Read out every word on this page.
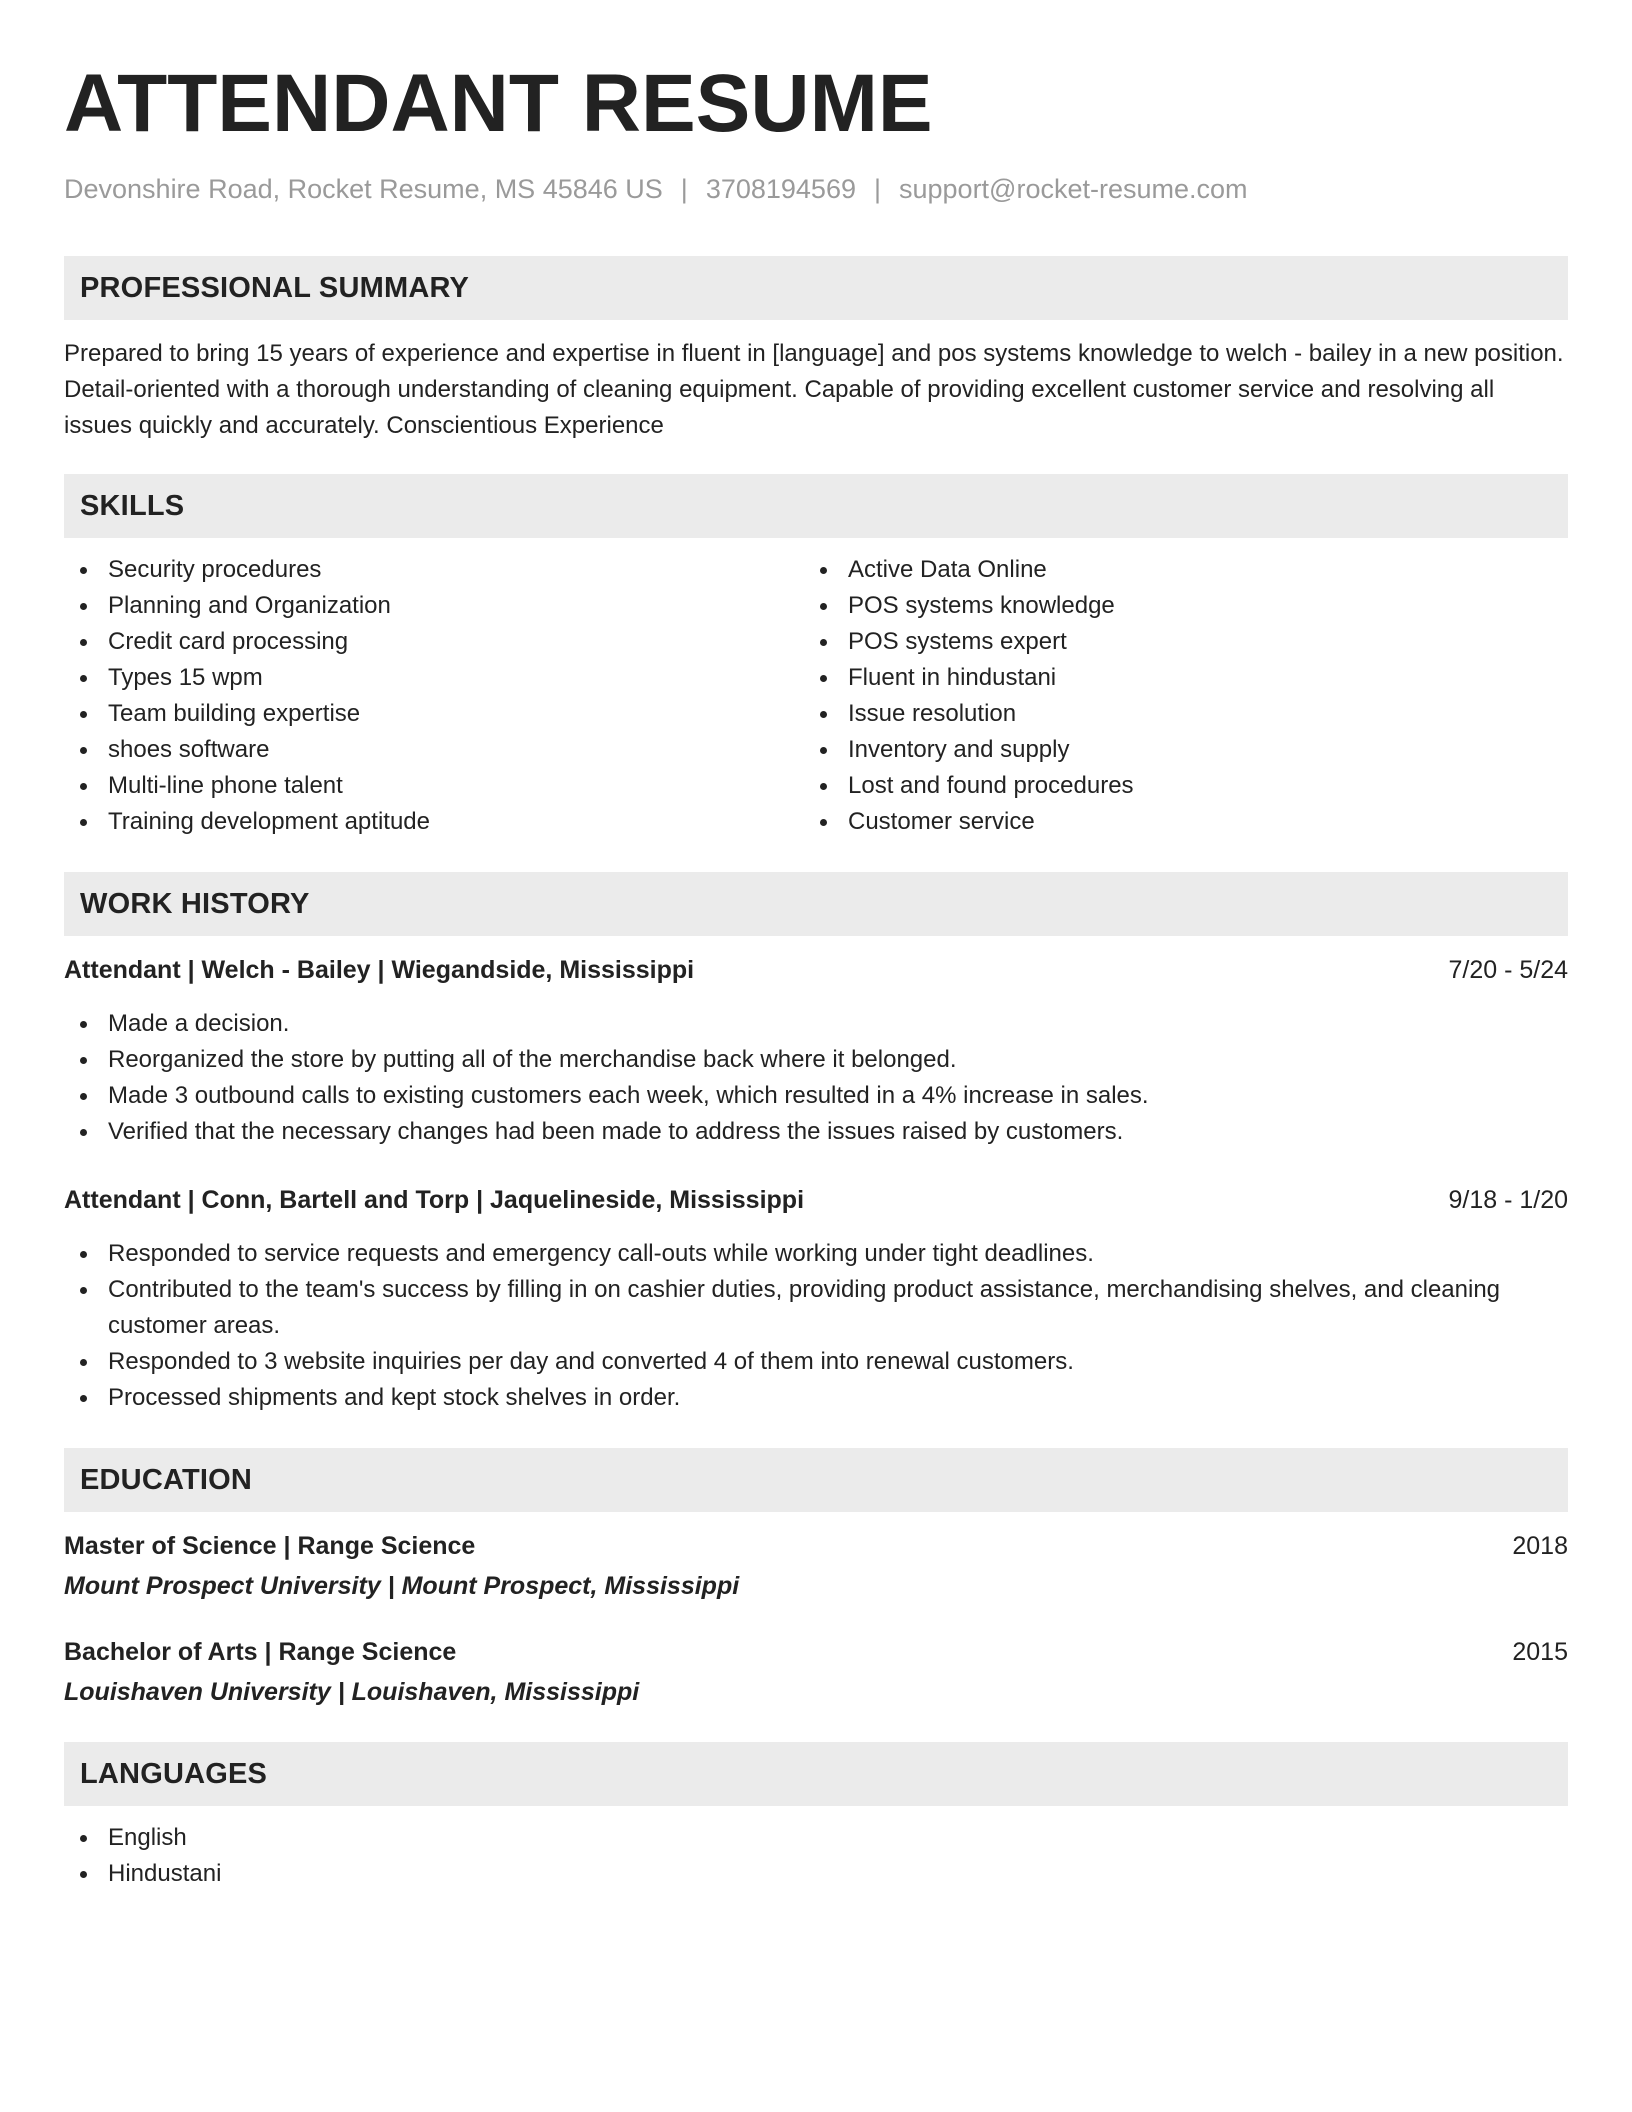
ATTENDANT RESUME
Devonshire Road, Rocket Resume, MS 45846 US | 3708194569 | support@rocket-resume.com
PROFESSIONAL SUMMARY
Prepared to bring 15 years of experience and expertise in fluent in [language] and pos systems knowledge to welch - bailey in a new position. Detail-oriented with a thorough understanding of cleaning equipment. Capable of providing excellent customer service and resolving all issues quickly and accurately. Conscientious Experience
SKILLS
Security procedures
Planning and Organization
Credit card processing
Types 15 wpm
Team building expertise
shoes software
Multi-line phone talent
Training development aptitude
Active Data Online
POS systems knowledge
POS systems expert
Fluent in hindustani
Issue resolution
Inventory and supply
Lost and found procedures
Customer service
WORK HISTORY
Attendant | Welch - Bailey | Wiegandside, Mississippi	7/20 - 5/24
Made a decision.
Reorganized the store by putting all of the merchandise back where it belonged.
Made 3 outbound calls to existing customers each week, which resulted in a 4% increase in sales.
Verified that the necessary changes had been made to address the issues raised by customers.
Attendant | Conn, Bartell and Torp | Jaquelineside, Mississippi	9/18 - 1/20
Responded to service requests and emergency call-outs while working under tight deadlines.
Contributed to the team's success by filling in on cashier duties, providing product assistance, merchandising shelves, and cleaning customer areas.
Responded to 3 website inquiries per day and converted 4 of them into renewal customers.
Processed shipments and kept stock shelves in order.
EDUCATION
Master of Science | Range Science	2018
Mount Prospect University | Mount Prospect, Mississippi
Bachelor of Arts | Range Science	2015
Louishaven University | Louishaven, Mississippi
LANGUAGES
English
Hindustani
